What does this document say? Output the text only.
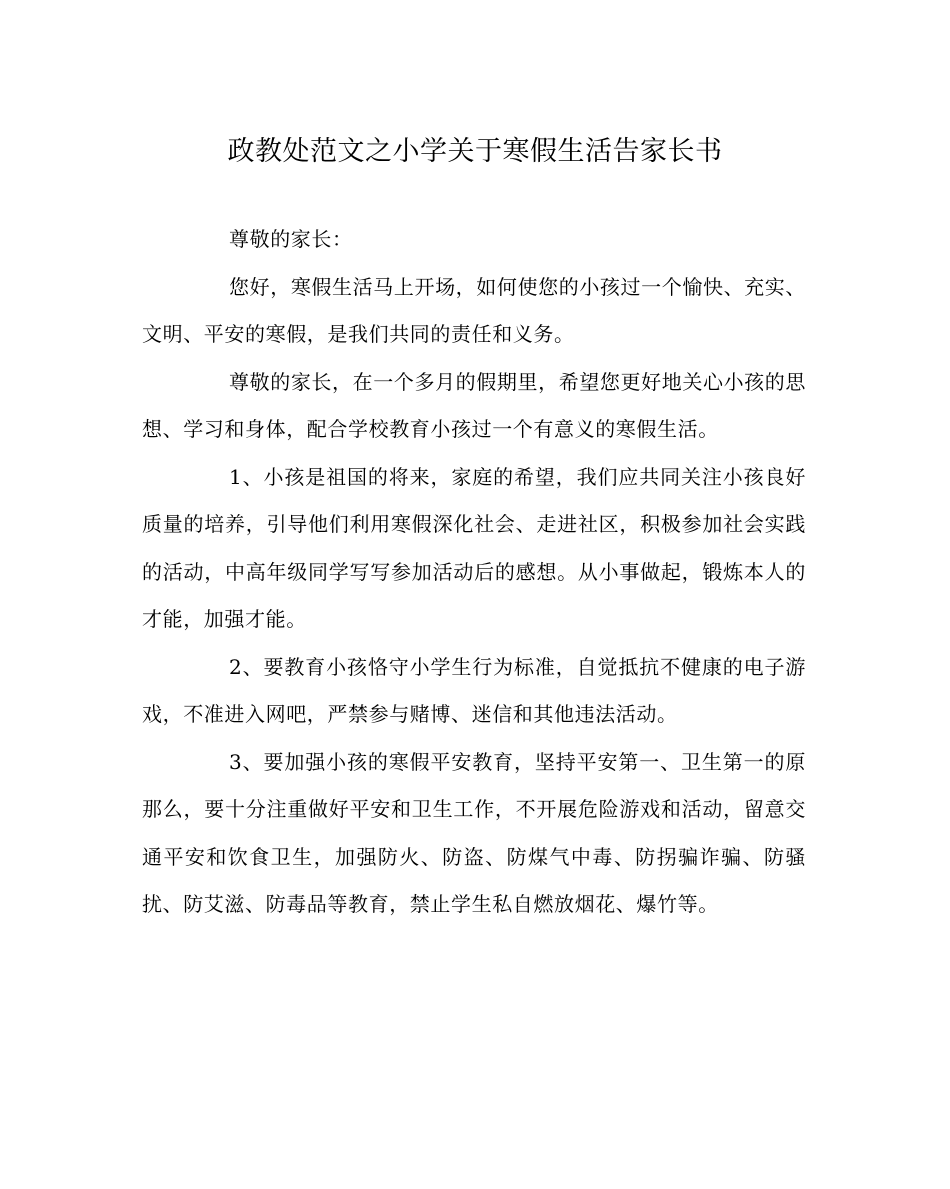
政教处范文之小学关于寒假生活告家长书

尊敬的家长：

您好，寒假生活马上开场，如何使您的小孩过一个愉快、充实、文明、平安的寒假，是我们共同的责任和义务。

尊敬的家长，在一个多月的假期里，希望您更好地关心小孩的思想、学习和身体，配合学校教育小孩过一个有意义的寒假生活。

1、小孩是祖国的将来，家庭的希望，我们应共同关注小孩良好质量的培养，引导他们利用寒假深化社会、走进社区，积极参加社会实践的活动，中高年级同学写写参加活动后的感想。从小事做起，锻炼本人的才能，加强才能。

2、要教育小孩恪守小学生行为标准，自觉抵抗不健康的电子游戏，不准进入网吧，严禁参与赌博、迷信和其他违法活动。

3、要加强小孩的寒假平安教育，坚持平安第一、卫生第一的原那么，要十分注重做好平安和卫生工作，不开展危险游戏和活动，留意交通平安和饮食卫生，加强防火、防盗、防煤气中毒、防拐骗诈骗、防骚扰、防艾滋、防毒品等教育，禁止学生私自燃放烟花、爆竹等。
